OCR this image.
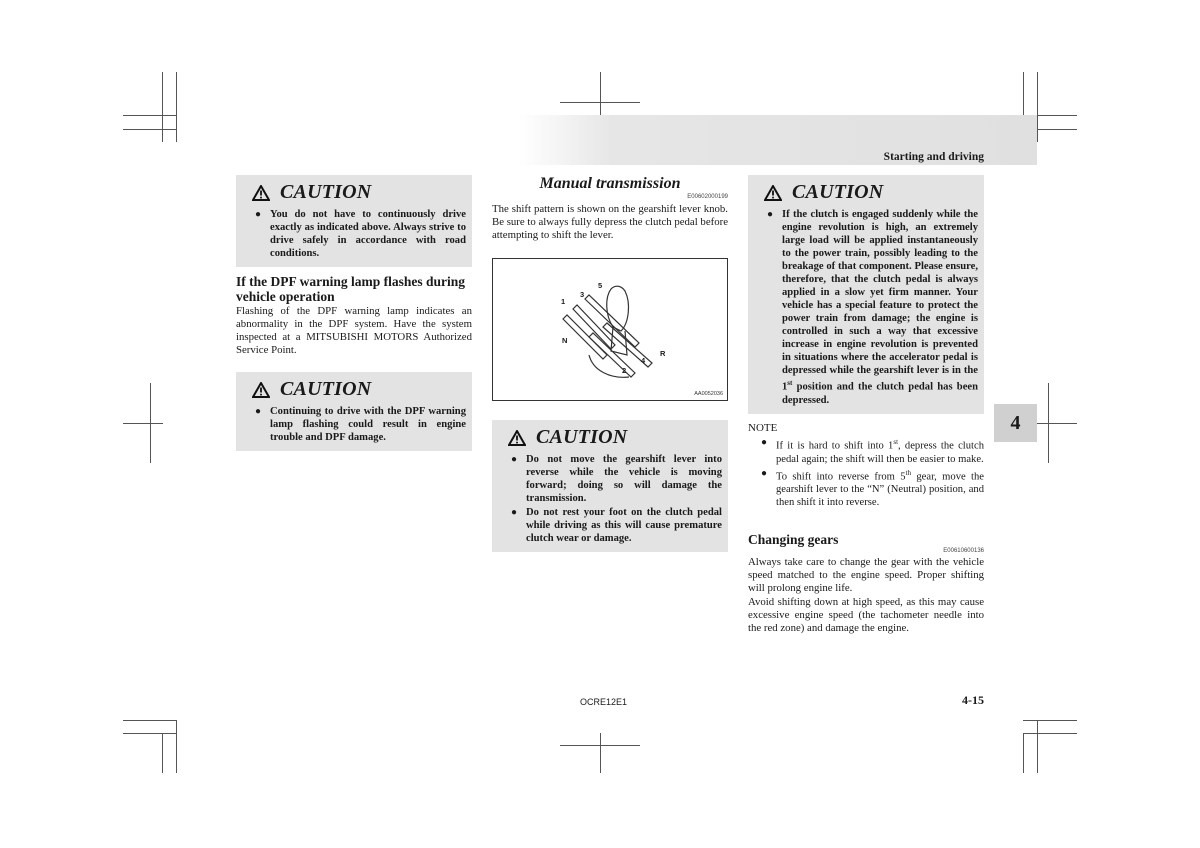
Starting and driving
4
CAUTION
● You do not have to continuously drive exactly as indicated above. Always strive to drive safely in accordance with road conditions.
If the DPF warning lamp flashes during vehicle operation
Flashing of the DPF warning lamp indicates an abnormality in the DPF system. Have the system inspected at a MITSUBISHI MOTORS Authorized Service Point.
CAUTION
● Continuing to drive with the DPF warning lamp flashing could result in engine trouble and DPF damage.
Manual transmission
E00602000199
The shift pattern is shown on the gearshift lever knob. Be sure to always fully depress the clutch pedal before attempting to shift the lever.
1
2
3
4
5
N
R
AA0052036
CAUTION
● Do not move the gearshift lever into reverse while the vehicle is moving forward; doing so will damage the transmission.
● Do not rest your foot on the clutch pedal while driving as this will cause premature clutch wear or damage.
CAUTION
● If the clutch is engaged suddenly while the engine revolution is high, an extremely large load will be applied instantaneously to the power train, possibly leading to the breakage of that component. Please ensure, therefore, that the clutch pedal is always applied in a slow yet firm manner. Your vehicle has a special feature to protect the power train from damage; the engine is controlled in such a way that excessive increase in engine revolution is prevented in situations where the accelerator pedal is depressed while the gearshift lever is in the 1st position and the clutch pedal has been depressed.
NOTE
● If it is hard to shift into 1st, depress the clutch pedal again; the shift will then be easier to make.
● To shift into reverse from 5th gear, move the gearshift lever to the “N” (Neutral) position, and then shift it into reverse.
Changing gears
E00610600136
Always take care to change the gear with the vehicle speed matched to the engine speed. Proper shifting will prolong engine life.
Avoid shifting down at high speed, as this may cause excessive engine speed (the tachometer needle into the red zone) and damage the engine.
OCRE12E1	4-15
